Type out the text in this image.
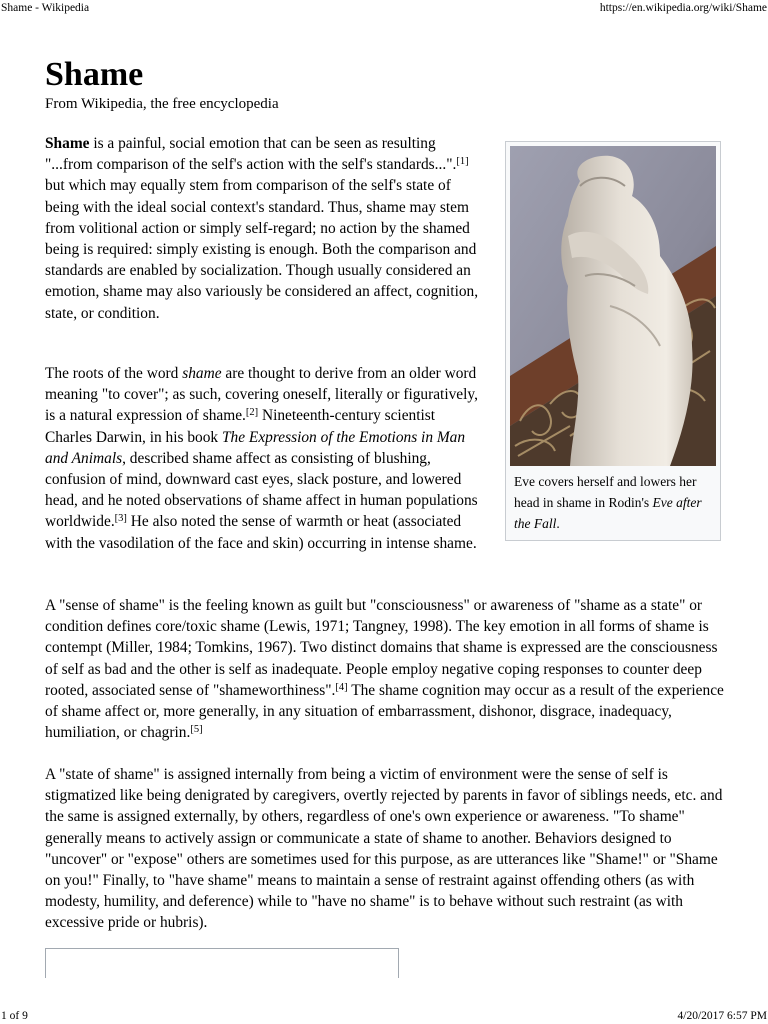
Shame - Wikipedia	https://en.wikipedia.org/wiki/Shame
Shame
From Wikipedia, the free encyclopedia

Shame is a painful, social emotion that can be seen as resulting "...from comparison of the self's action with the self's standards...".[1] but which may equally stem from comparison of the self's state of being with the ideal social context's standard. Thus, shame may stem from volitional action or simply self-regard; no action by the shamed being is required: simply existing is enough. Both the comparison and standards are enabled by socialization. Though usually considered an emotion, shame may also variously be considered an affect, cognition, state, or condition.

The roots of the word shame are thought to derive from an older word meaning "to cover"; as such, covering oneself, literally or figuratively, is a natural expression of shame.[2] Nineteenth-century scientist Charles Darwin, in his book The Expression of the Emotions in Man and Animals, described shame affect as consisting of blushing, confusion of mind, downward cast eyes, slack posture, and lowered head, and he noted observations of shame affect in human populations worldwide.[3] He also noted the sense of warmth or heat (associated with the vasodilation of the face and skin) occurring in intense shame.

Eve covers herself and lowers her head in shame in Rodin's Eve after the Fall.

A "sense of shame" is the feeling known as guilt but "consciousness" or awareness of "shame as a state" or condition defines core/toxic shame (Lewis, 1971; Tangney, 1998). The key emotion in all forms of shame is contempt (Miller, 1984; Tomkins, 1967). Two distinct domains that shame is expressed are the consciousness of self as bad and the other is self as inadequate. People employ negative coping responses to counter deep rooted, associated sense of "shameworthiness".[4] The shame cognition may occur as a result of the experience of shame affect or, more generally, in any situation of embarrassment, dishonor, disgrace, inadequacy, humiliation, or chagrin.[5]

A "state of shame" is assigned internally from being a victim of environment were the sense of self is stigmatized like being denigrated by caregivers, overtly rejected by parents in favor of siblings needs, etc. and the same is assigned externally, by others, regardless of one's own experience or awareness. "To shame" generally means to actively assign or communicate a state of shame to another. Behaviors designed to "uncover" or "expose" others are sometimes used for this purpose, as are utterances like "Shame!" or "Shame on you!" Finally, to "have shame" means to maintain a sense of restraint against offending others (as with modesty, humility, and deference) while to "have no shame" is to behave without such restraint (as with excessive pride or hubris).

1 of 9	4/20/2017 6:57 PM
